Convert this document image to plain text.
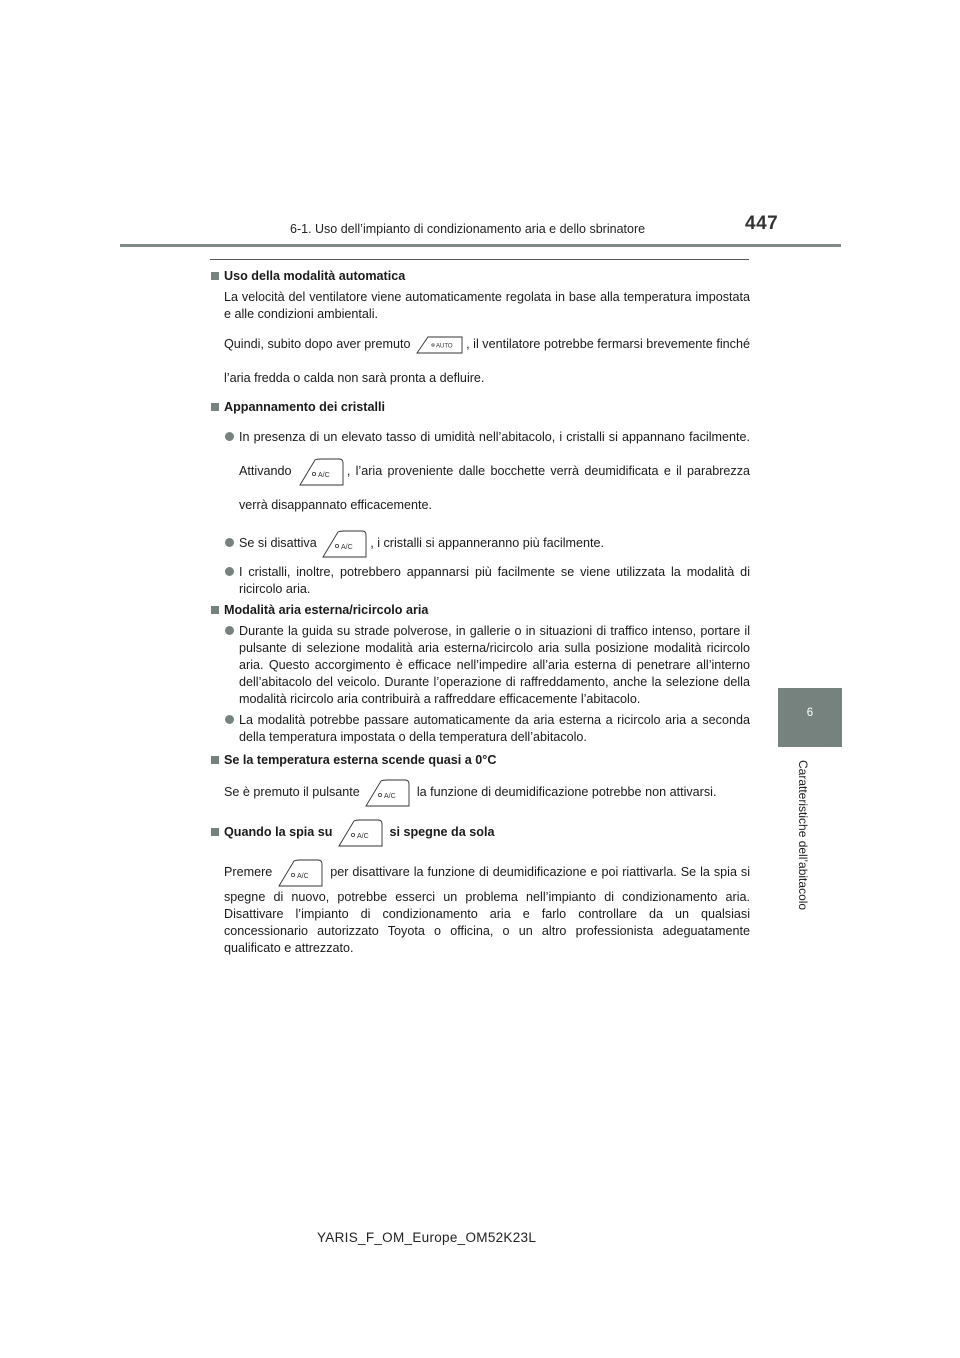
6-1. Uso dell’impianto di condizionamento aria e dello sbrinatore	447
6
Caratteristiche dell’abitacolo
Uso della modalità automatica

La velocità del ventilatore viene automaticamente regolata in base alla temperatura impostata e alle condizioni ambientali.

Quindi, subito dopo aver premuto	AUTO , il ventilatore potrebbe fermarsi brevemente finché l’aria fredda o calda non sarà pronta a defluire.

Appannamento dei cristalli
In presenza di un elevato tasso di umidità nell’abitacolo, i cristalli si appannano facilmente. Attivando	A/C , l’aria proveniente dalle bocchette verrà deumidificata e il parabrezza verrà disappannato efficacemente.
Se si disattiva	A/C , i cristalli si appanneranno più facilmente.
I cristalli, inoltre, potrebbero appannarsi più facilmente se viene utilizzata la modalità di ricircolo aria.
Modalità aria esterna/ricircolo aria
Durante la guida su strade polverose, in gallerie o in situazioni di traffico intenso, portare il pulsante di selezione modalità aria esterna/ricircolo aria sulla posizione modalità ricircolo aria. Questo accorgimento è efficace nell’impedire all’aria esterna di penetrare all’interno dell’abitacolo del veicolo. Durante l’operazione di raffreddamento, anche la selezione della modalità ricircolo aria contribuirà a raffreddare efficacemente l’abitacolo.
La modalità potrebbe passare automaticamente da aria esterna a ricircolo aria a seconda della temperatura impostata o della temperatura dell’abitacolo.
Se la temperatura esterna scende quasi a 0°C

Se è premuto il pulsante	A/C la funzione di deumidificazione potrebbe non attivarsi.

Quando la spia su	A/C si spegne da sola

Premere	A/C per disattivare la funzione di deumidificazione e poi riattivarla. Se la spia si spegne di nuovo, potrebbe esserci un problema nell’impianto di condizionamento aria. Disattivare l’impianto di condizionamento aria e farlo controllare da un qualsiasi concessionario autorizzato Toyota o officina, o un altro professionista adeguatamente qualificato e attrezzato.

YARIS_F_OM_Europe_OM52K23L
